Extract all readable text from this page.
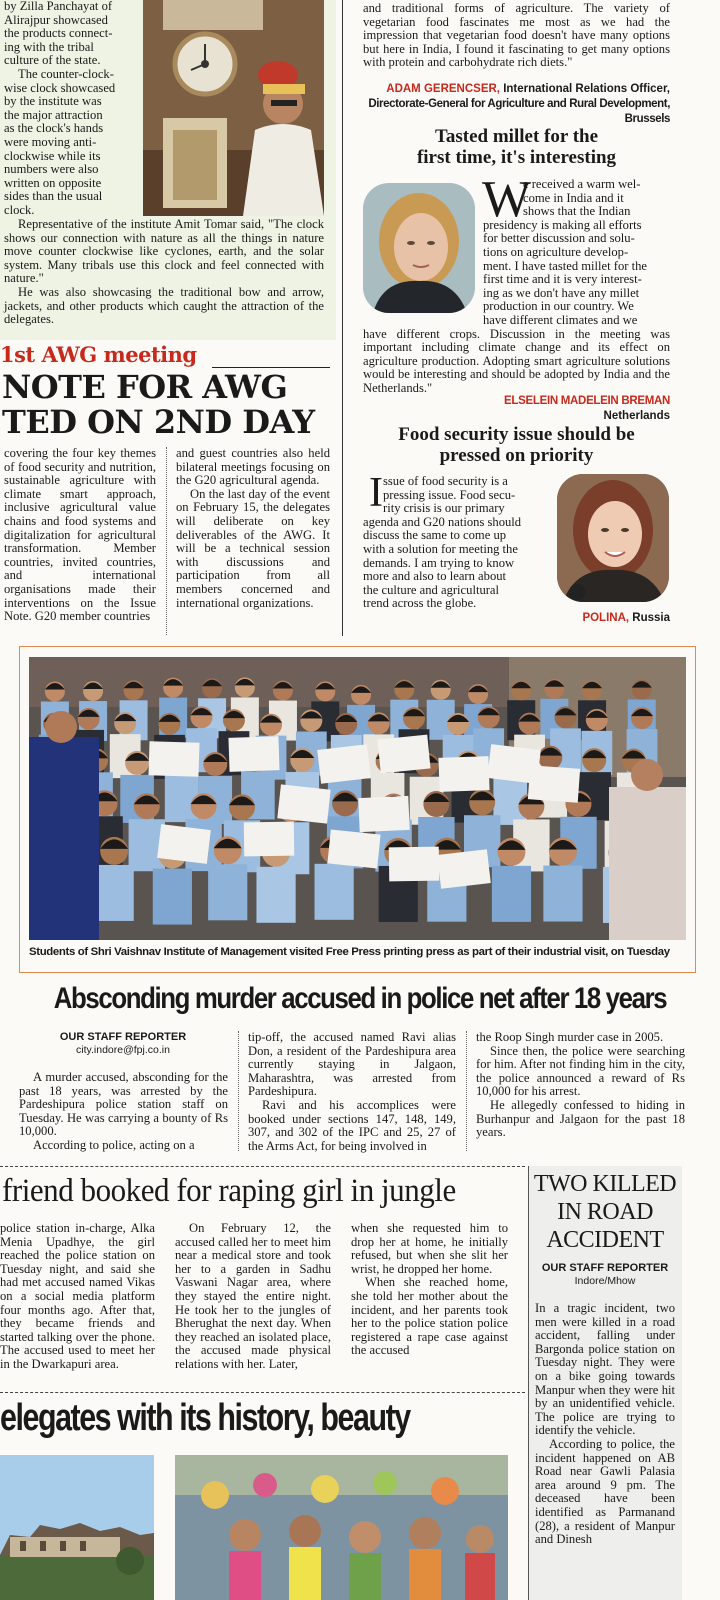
by Zilla Panchayat of
Alirajpur showcased
the products connect-
ing with the tribal
culture of the state.
The counter-clock-
wise clock showcased
by the institute was
the major attraction
as the clock's hands
were moving anti-
clockwise while its
numbers were also
written on opposite
sides than the usual
clock.

Representative of the institute Amit Tomar said, "The clock shows our connection with nature as all the things in nature move counter clockwise like cyclones, earth, and the solar system. Many tribals use this clock and feel connected with nature."

He was also showcasing the traditional bow and arrow, jackets, and other products which caught the attraction of the delegates.

1st AWG meeting
NOTE FOR AWG
TED ON 2ND DAY

covering the four key themes of food security and nutrition, sustainable agriculture with climate smart approach, inclusive agricultural value chains and food systems and digitalization for agricultural transformation. Member countries, invited countries, and international organisations made their interventions on the Issue Note. G20 member countries

and guest countries also held bilateral meetings focusing on the G20 agricultural agenda.

On the last day of the event on February 15, the delegates will deliberate on key deliverables of the AWG. It will be a technical session with discussions and participation from all members concerned and international organizations.

and traditional forms of agriculture. The variety of vegetarian food fascinates me most as we had the impression that vegetarian food doesn't have many options but here in India, I found it fascinating to get many options with protein and carbohydrate rich diets."

ADAM GERENCSER, International Relations Officer,
Directorate-General for Agriculture and Rural Development, Brussels
Tasted millet for the
first time, it's interesting
W
e received a warm wel-
come in India and it
shows that the Indian
presidency is making all efforts
for better discussion and solu-
tions on agriculture develop-
ment. I have tasted millet for the
first time and it is very interest-
ing as we don't have any millet
production in our country. We
have different climates and we

have different crops. Discussion in the meeting was important including climate change and its effect on agriculture production. Adopting smart agriculture solutions would be interesting and should be adopted by India and the Netherlands."

ELSELEIN MADELEIN BREMAN
Netherlands
Food security issue should be
pressed on priority
I ssue of food security is a
pressing issue. Food secu-
rity crisis is our primary
agenda and G20 nations should
discuss the same to come up
with a solution for meeting the
demands. I am trying to know
more and also to learn about
the culture and agricultural
trend across the globe.
POLINA, Russia
Students of Shri Vaishnav Institute of Management visited Free Press printing press as part of their industrial visit, on Tuesday
Absconding murder accused in police net after 18 years
OUR STAFF REPORTER
city.indore@fpj.co.in

A murder accused, absconding for the past 18 years, was arrested by the Pardeshipura police station staff on Tuesday. He was carrying a bounty of Rs 10,000.

According to police, acting on a

tip-off, the accused named Ravi alias Don, a resident of the Pardeshipura area currently staying in Jalgaon, Maharashtra, was arrested from Pardeshipura.

Ravi and his accomplices were booked under sections 147, 148, 149, 307, and 302 of the IPC and 25, 27 of the Arms Act, for being involved in

the Roop Singh murder case in 2005.

Since then, the police were searching for him. After not finding him in the city, the police announced a reward of Rs 10,000 for his arrest.

He allegedly confessed to hiding in Burhanpur and Jalgaon for the past 18 years.

friend booked for raping girl in jungle

police station in-charge, Alka Menia Upadhye, the girl reached the police station on Tuesday night, and said she had met accused named Vikas on a social media platform four months ago. After that, they became friends and started talking over the phone. The accused used to meet her in the Dwarkapuri area.

On February 12, the accused called her to meet him near a medical store and took her to a garden in Sadhu Vaswani Nagar area, where they stayed the entire night. He took her to the jungles of Bherughat the next day. When they reached an isolated place, the accused made physical relations with her. Later,

when she requested him to drop her at home, he initially refused, but when she slit her wrist, he dropped her home.

When she reached home, she told her mother about the incident, and her parents took her to the police station police registered a rape case against the accused

elegates with its history, beauty
TWO KILLED
IN ROAD
ACCIDENT
OUR STAFF REPORTER
Indore/Mhow

In a tragic incident, two men were killed in a road accident, falling under Bargonda police station on Tuesday night. They were on a bike going towards Manpur when they were hit by an unidentified vehicle. The police are trying to identify the vehicle.

According to police, the incident happened on AB Road near Gawli Palasia area around 9 pm. The deceased have been identified as Parmanand (28), a resident of Manpur and Dinesh
